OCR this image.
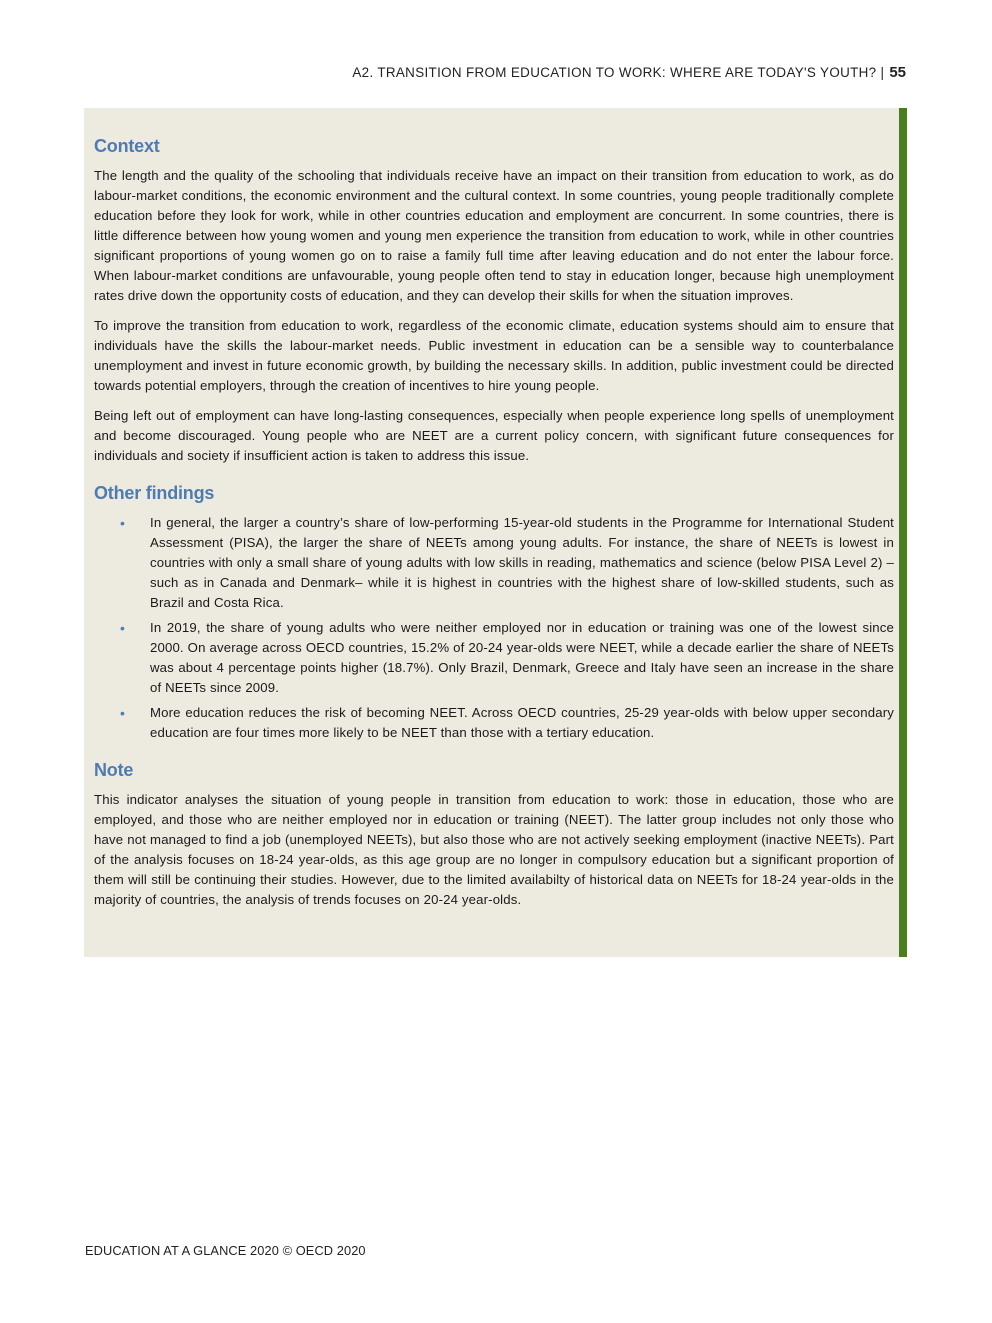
A2. TRANSITION FROM EDUCATION TO WORK: WHERE ARE TODAY'S YOUTH? | 55
Context

The length and the quality of the schooling that individuals receive have an impact on their transition from education to work, as do labour-market conditions, the economic environment and the cultural context. In some countries, young people traditionally complete education before they look for work, while in other countries education and employment are concurrent. In some countries, there is little difference between how young women and young men experience the transition from education to work, while in other countries significant proportions of young women go on to raise a family full time after leaving education and do not enter the labour force. When labour-market conditions are unfavourable, young people often tend to stay in education longer, because high unemployment rates drive down the opportunity costs of education, and they can develop their skills for when the situation improves.

To improve the transition from education to work, regardless of the economic climate, education systems should aim to ensure that individuals have the skills the labour-market needs. Public investment in education can be a sensible way to counterbalance unemployment and invest in future economic growth, by building the necessary skills. In addition, public investment could be directed towards potential employers, through the creation of incentives to hire young people.

Being left out of employment can have long-lasting consequences, especially when people experience long spells of unemployment and become discouraged. Young people who are NEET are a current policy concern, with significant future consequences for individuals and society if insufficient action is taken to address this issue.

Other findings
• In general, the larger a country’s share of low-performing 15-year-old students in the Programme for International Student Assessment (PISA), the larger the share of NEETs among young adults. For instance, the share of NEETs is lowest in countries with only a small share of young adults with low skills in reading, mathematics and science (below PISA Level 2) – such as in Canada and Denmark– while it is highest in countries with the highest share of low-skilled students, such as Brazil and Costa Rica.

• In 2019, the share of young adults who were neither employed nor in education or training was one of the lowest since 2000. On average across OECD countries, 15.2% of 20-24 year-olds were NEET, while a decade earlier the share of NEETs was about 4 percentage points higher (18.7%). Only Brazil, Denmark, Greece and Italy have seen an increase in the share of NEETs since 2009.

• More education reduces the risk of becoming NEET. Across OECD countries, 25-29 year-olds with below upper secondary education are four times more likely to be NEET than those with a tertiary education.

Note

This indicator analyses the situation of young people in transition from education to work: those in education, those who are employed, and those who are neither employed nor in education or training (NEET). The latter group includes not only those who have not managed to find a job (unemployed NEETs), but also those who are not actively seeking employment (inactive NEETs). Part of the analysis focuses on 18-24 year-olds, as this age group are no longer in compulsory education but a significant proportion of them will still be continuing their studies. However, due to the limited availabilty of historical data on NEETs for 18-24 year-olds in the majority of countries, the analysis of trends focuses on 20-24 year-olds.

EDUCATION AT A GLANCE 2020 © OECD 2020
